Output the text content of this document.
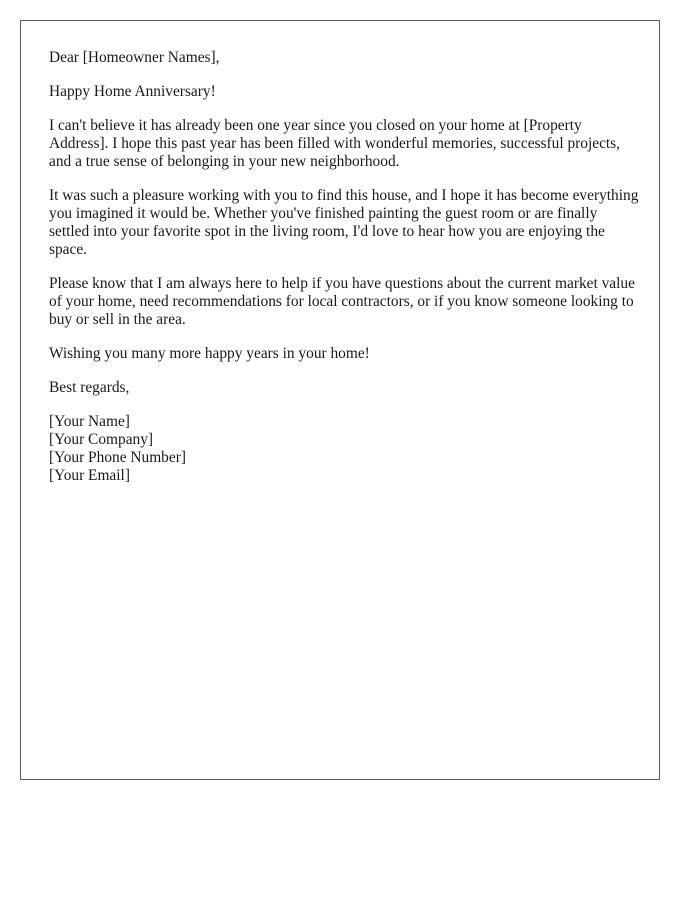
Dear [Homeowner Names],

Happy Home Anniversary!

I can't believe it has already been one year since you closed on your home at [Property Address]. I hope this past year has been filled with wonderful memories, successful projects, and a true sense of belonging in your new neighborhood.

It was such a pleasure working with you to find this house, and I hope it has become everything you imagined it would be. Whether you've finished painting the guest room or are finally settled into your favorite spot in the living room, I'd love to hear how you are enjoying the space.

Please know that I am always here to help if you have questions about the current market value of your home, need recommendations for local contractors, or if you know someone looking to buy or sell in the area.

Wishing you many more happy years in your home!

Best regards,

[Your Name]
[Your Company]
[Your Phone Number]
[Your Email]
